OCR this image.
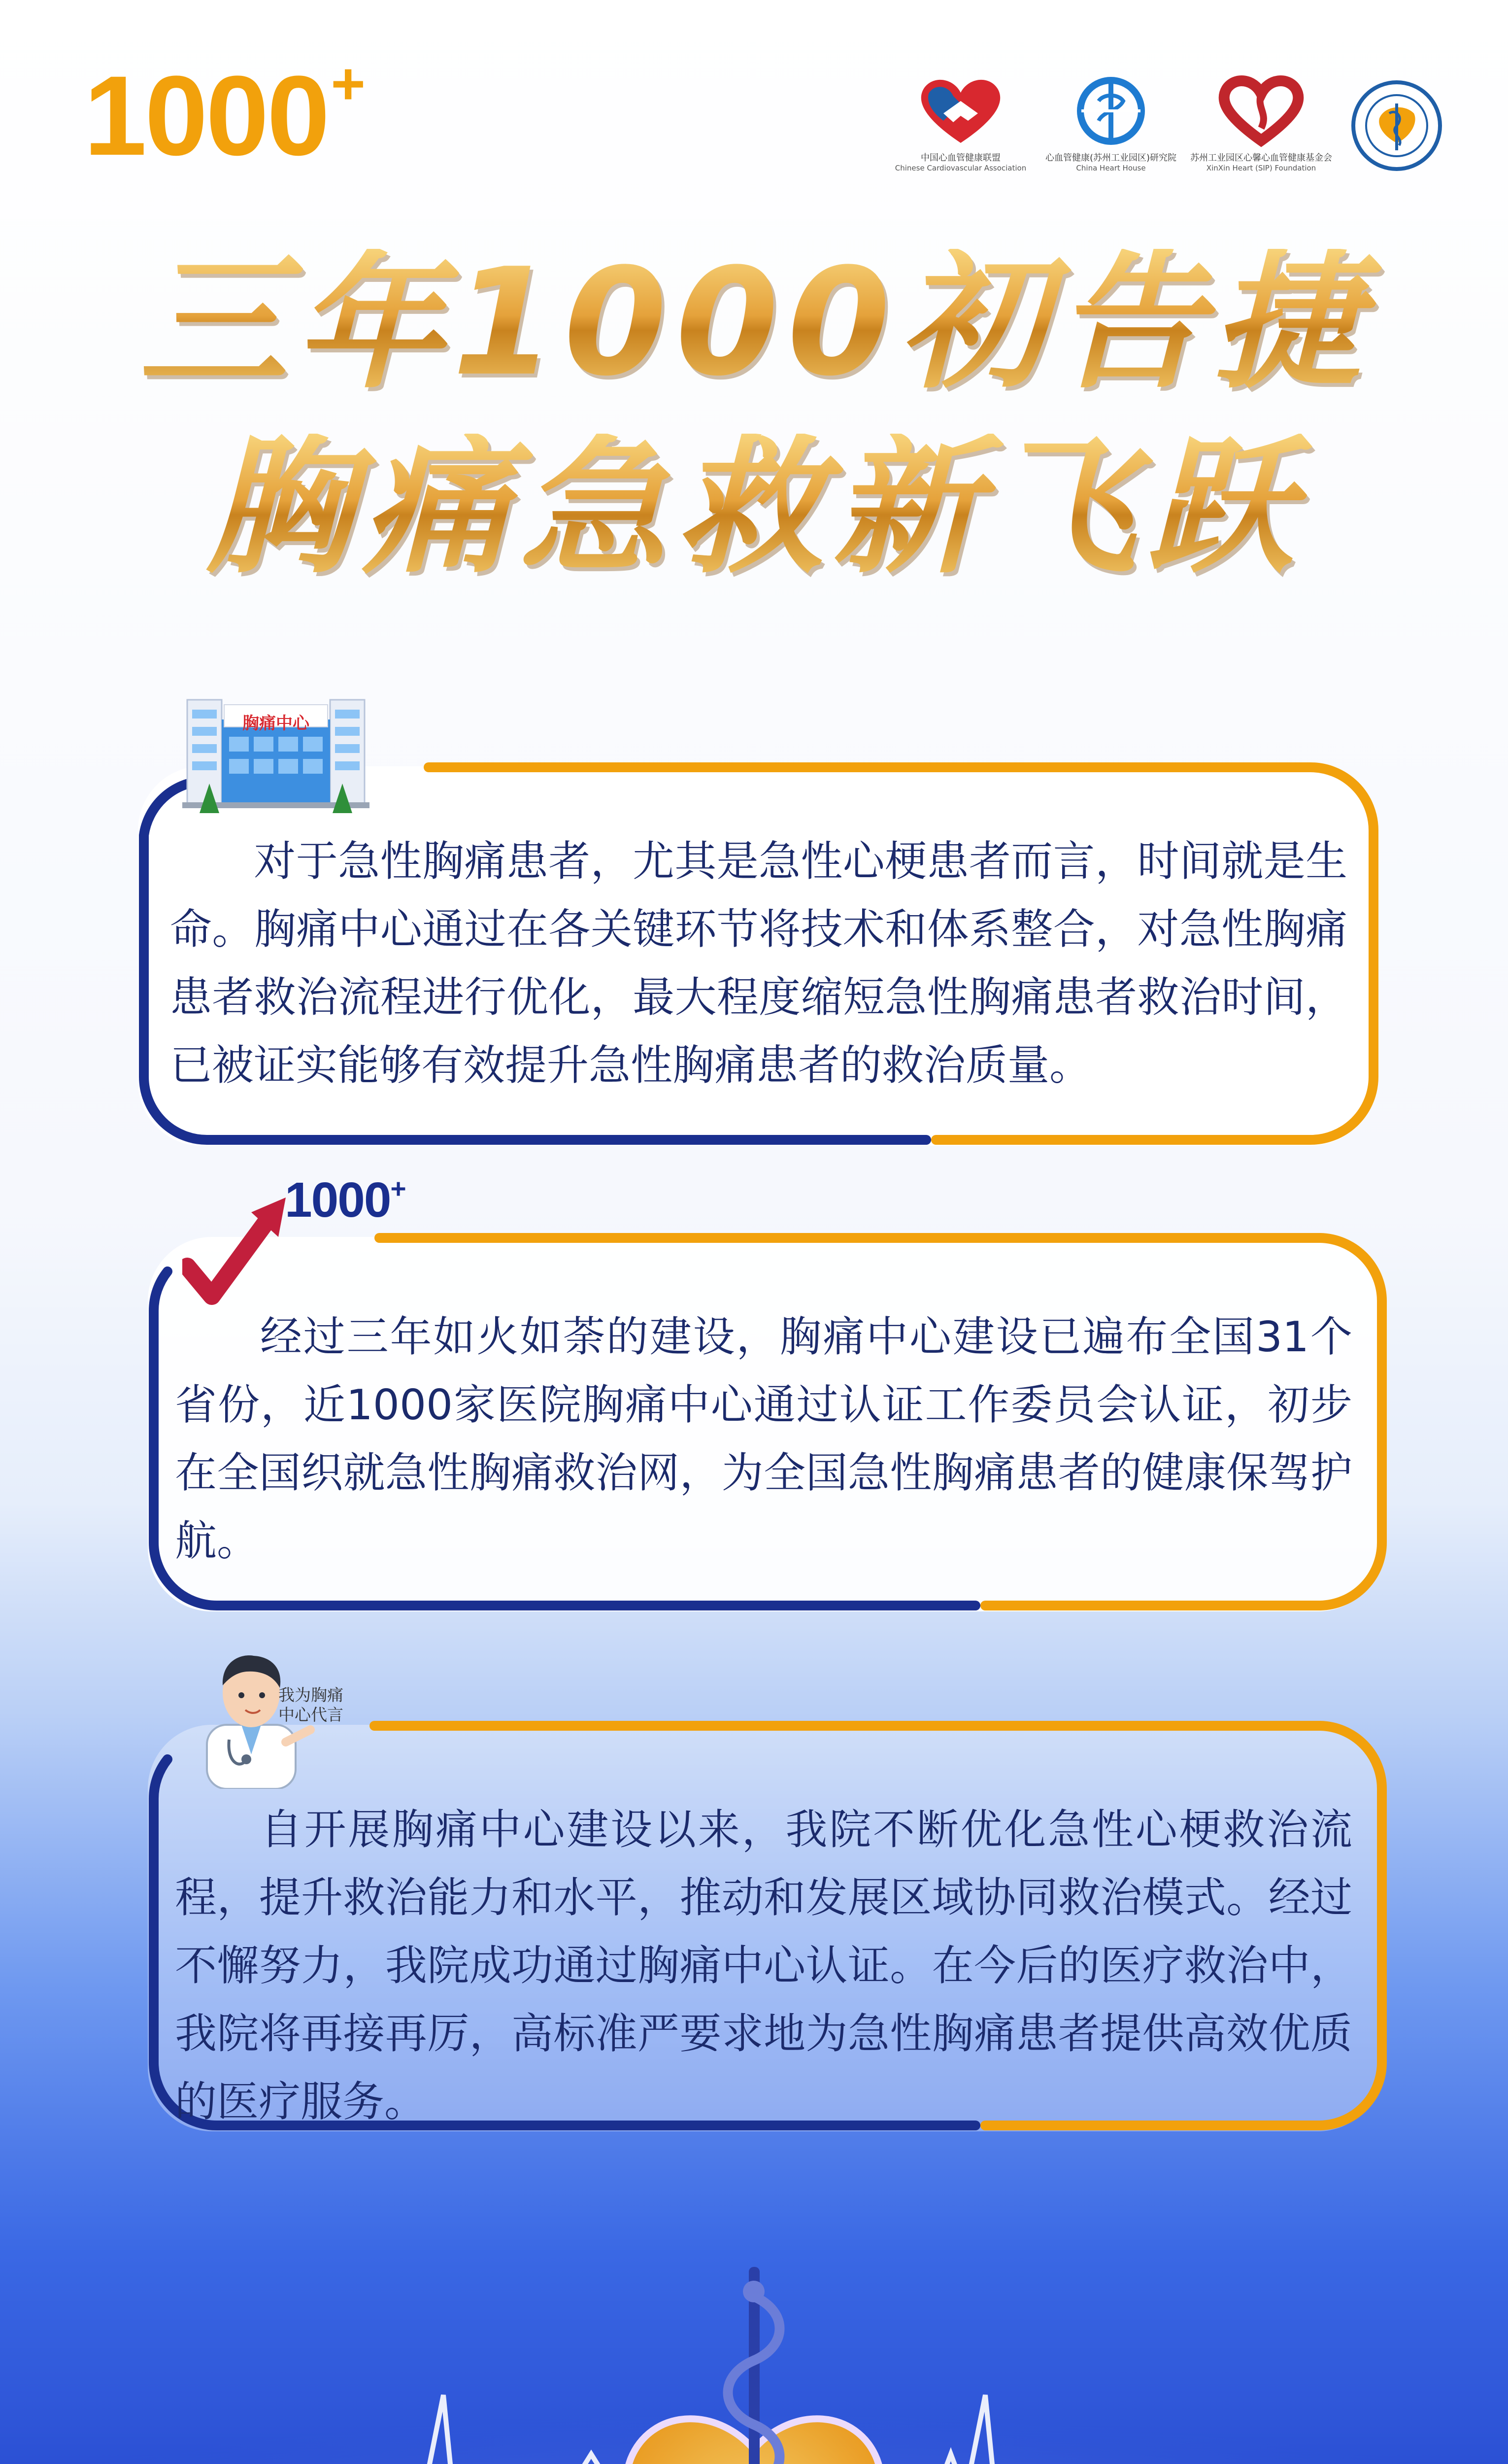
1000+
中国心血管健康联盟
Chinese Cardiovascular Association
心血管健康(苏州工业园区)研究院
China Heart House
苏州工业园区心馨心血管健康基金会
XinXin Heart (SIP) Foundation
三年1000初告捷
胸痛急救新飞跃
胸痛中心
对于急性胸痛患者，尤其是急性心梗患者而言，时间就是生命。胸痛中心通过在各关键环节将技术和体系整合，对急性胸痛患者救治流程进行优化，最大程度缩短急性胸痛患者救治时间，已被证实能够有效提升急性胸痛患者的救治质量。
1000+
经过三年如火如荼的建设，胸痛中心建设已遍布全国31个省份，近1000家医院胸痛中心通过认证工作委员会认证，初步在全国织就急性胸痛救治网，为全国急性胸痛患者的健康保驾护航。
我为胸痛
中心代言
自开展胸痛中心建设以来，我院不断优化急性心梗救治流程，提升救治能力和水平，推动和发展区域协同救治模式。经过不懈努力，我院成功通过胸痛中心认证。在今后的医疗救治中，我院将再接再厉，高标准严要求地为急性胸痛患者提供高效优质的医疗服务。
